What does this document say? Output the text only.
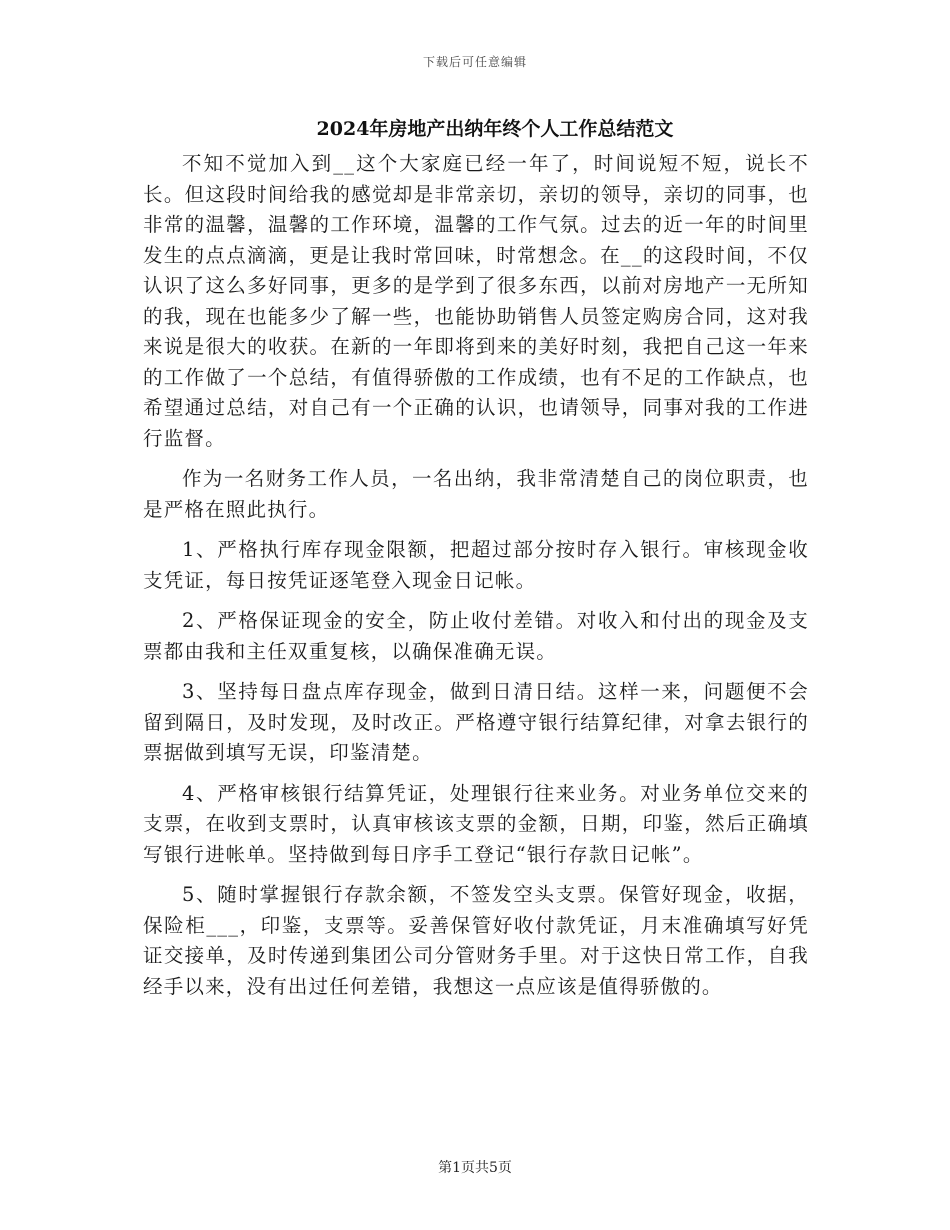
下载后可任意编辑
2024年房地产出纳年终个人工作总结范文

不知不觉加入到__这个大家庭已经一年了，时间说短不短，说长不长。但这段时间给我的感觉却是非常亲切，亲切的领导，亲切的同事，也非常的温馨，温馨的工作环境，温馨的工作气氛。过去的近一年的时间里发生的点点滴滴，更是让我时常回味，时常想念。在__的这段时间，不仅认识了这么多好同事，更多的是学到了很多东西，以前对房地产一无所知的我，现在也能多少了解一些，也能协助销售人员签定购房合同，这对我来说是很大的收获。在新的一年即将到来的美好时刻，我把自己这一年来的工作做了一个总结，有值得骄傲的工作成绩，也有不足的工作缺点，也希望通过总结，对自己有一个正确的认识，也请领导，同事对我的工作进行监督。

作为一名财务工作人员，一名出纳，我非常清楚自己的岗位职责，也是严格在照此执行。

1、严格执行库存现金限额，把超过部分按时存入银行。审核现金收支凭证，每日按凭证逐笔登入现金日记帐。

2、严格保证现金的安全，防止收付差错。对收入和付出的现金及支票都由我和主任双重复核，以确保准确无误。

3、坚持每日盘点库存现金，做到日清日结。这样一来，问题便不会留到隔日，及时发现，及时改正。严格遵守银行结算纪律，对拿去银行的票据做到填写无误，印鉴清楚。

4、严格审核银行结算凭证，处理银行往来业务。对业务单位交来的支票，在收到支票时，认真审核该支票的金额，日期，印鉴，然后正确填写银行进帐单。坚持做到每日序手工登记“银行存款日记帐”。

5、随时掌握银行存款余额，不签发空头支票。保管好现金，收据，保险柜___，印鉴，支票等。妥善保管好收付款凭证，月末准确填写好凭证交接单，及时传递到集团公司分管财务手里。对于这快日常工作，自我经手以来，没有出过任何差错，我想这一点应该是值得骄傲的。

第1页共5页
